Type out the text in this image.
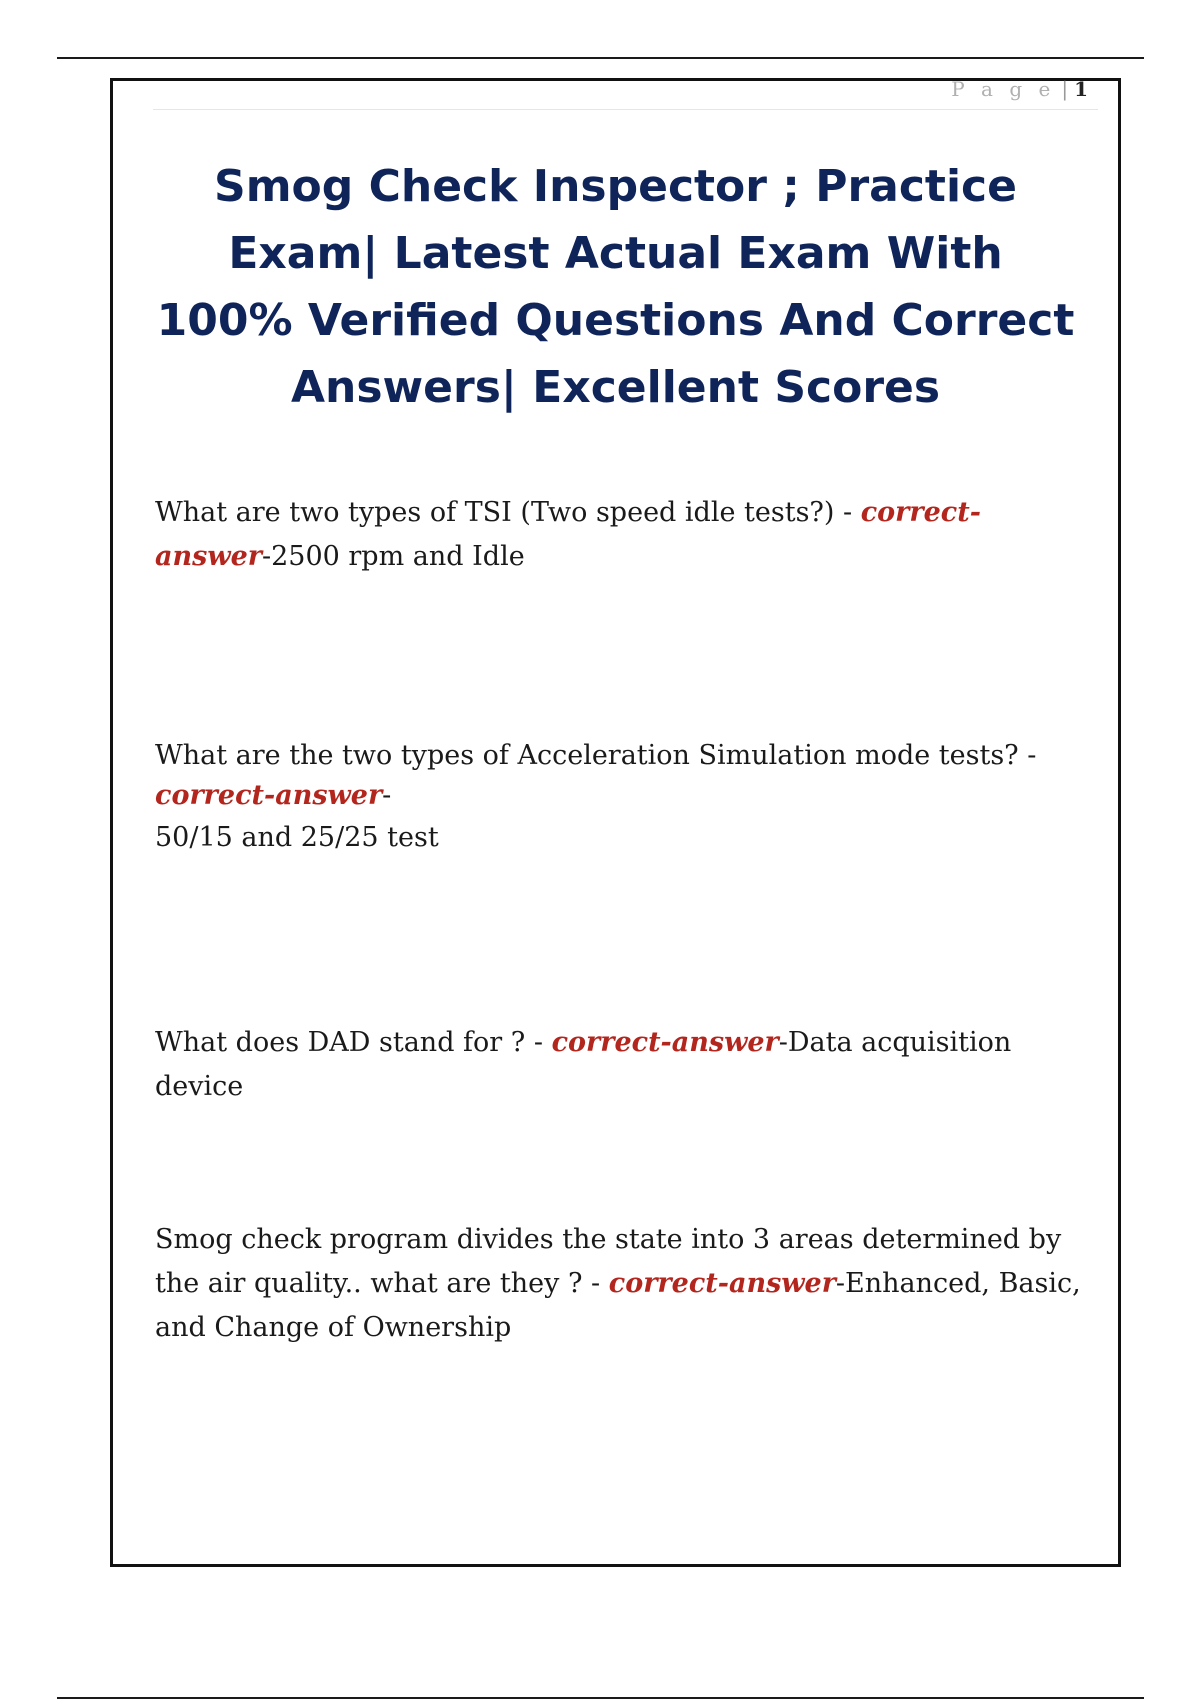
P a g e | 1
Smog Check Inspector ; Practice Exam| Latest Actual Exam With 100% Verified Questions And Correct Answers| Excellent Scores

What are two types of TSI (Two speed idle tests?) - correct-answer-2500 rpm and Idle

What are the two types of Acceleration Simulation mode tests? - correct-answer-
50/15 and 25/25 test

What does DAD stand for ? - correct-answer-Data acquisition device

Smog check program divides the state into 3 areas determined by the air quality.. what are they ? - correct-answer-Enhanced, Basic, and Change of Ownership
